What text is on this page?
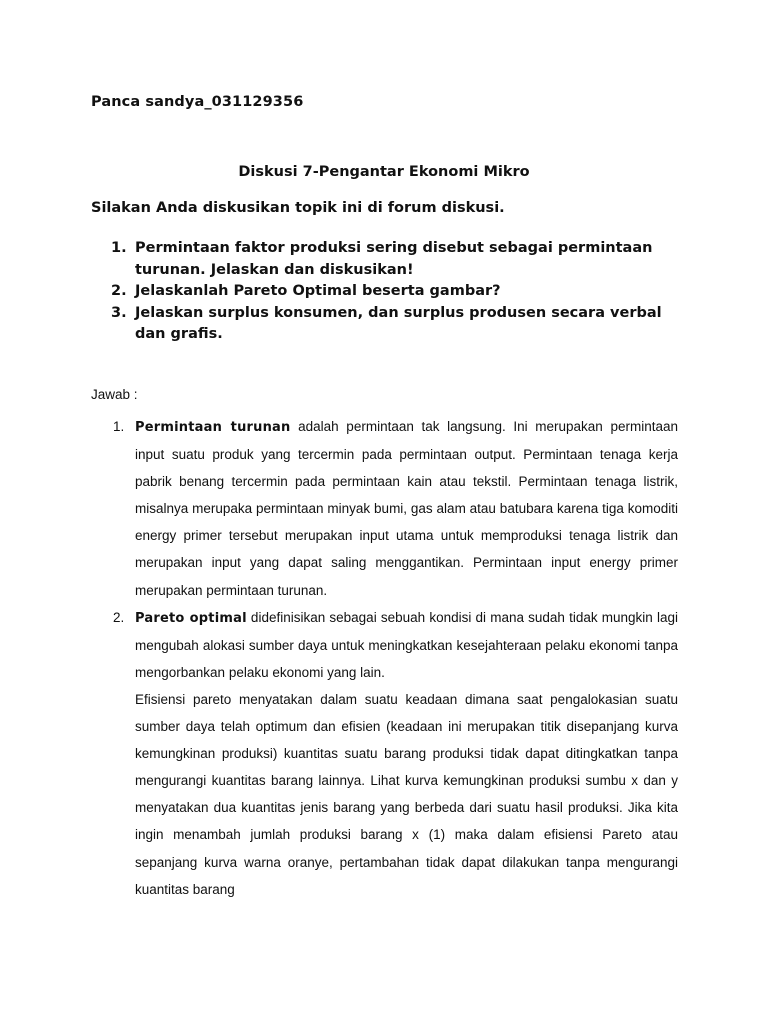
Panca sandya_031129356
Diskusi 7-Pengantar Ekonomi Mikro
Silakan Anda diskusikan topik ini di forum diskusi.
1. Permintaan faktor produksi sering disebut sebagai permintaan turunan. Jelaskan dan diskusikan!
2. Jelaskanlah Pareto Optimal beserta gambar?
3. Jelaskan surplus konsumen, dan surplus produsen secara verbal dan grafis.
Jawab :
1. Permintaan turunan adalah permintaan tak langsung. Ini merupakan permintaan input suatu produk yang tercermin pada permintaan output. Permintaan tenaga kerja pabrik benang tercermin pada permintaan kain atau tekstil. Permintaan tenaga listrik, misalnya merupaka permintaan minyak bumi, gas alam atau batubara karena tiga komoditi energy primer tersebut merupakan input utama untuk memproduksi tenaga listrik dan merupakan input yang dapat saling menggantikan. Permintaan input energy primer merupakan permintaan turunan.

2. Pareto optimal didefinisikan sebagai sebuah kondisi di mana sudah tidak mungkin lagi mengubah alokasi sumber daya untuk meningkatkan kesejahteraan pelaku ekonomi tanpa mengorbankan pelaku ekonomi yang lain.

Efisiensi pareto menyatakan dalam suatu keadaan dimana saat pengalokasian suatu sumber daya telah optimum dan efisien (keadaan ini merupakan titik disepanjang kurva kemungkinan produksi) kuantitas suatu barang produksi tidak dapat ditingkatkan tanpa mengurangi kuantitas barang lainnya. Lihat kurva kemungkinan produksi sumbu x dan y menyatakan dua kuantitas jenis barang yang berbeda dari suatu hasil produksi. Jika kita ingin menambah jumlah produksi barang x (1) maka dalam efisiensi Pareto atau sepanjang kurva warna oranye, pertambahan tidak dapat dilakukan tanpa mengurangi kuantitas barang
